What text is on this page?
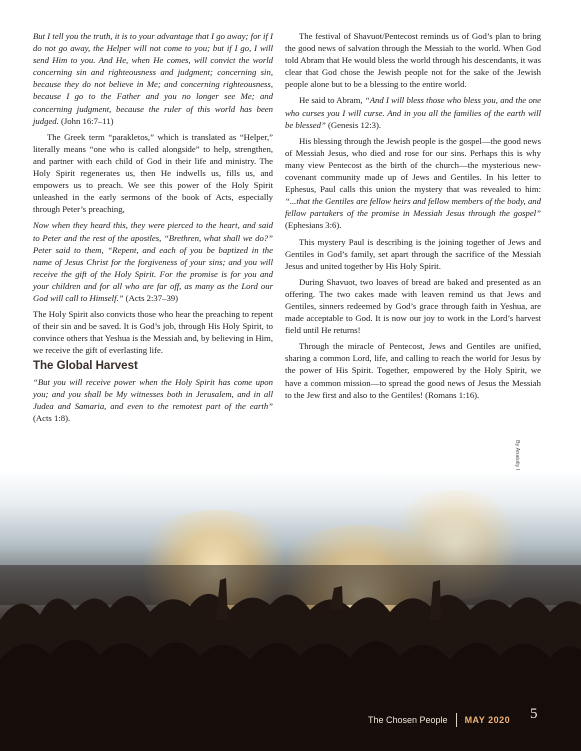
But I tell you the truth, it is to your advantage that I go away; for if I do not go away, the Helper will not come to you; but if I go, I will send Him to you. And He, when He comes, will convict the world concerning sin and righteousness and judgment; concerning sin, because they do not believe in Me; and concerning righteousness, because I go to the Father and you no longer see Me; and concerning judgment, because the ruler of this world has been judged. (John 16:7–11)

The Greek term “parakletos,” which is translated as “Helper,” literally means “one who is called alongside” to help, strengthen, and partner with each child of God in their life and ministry. The Holy Spirit regenerates us, then He indwells us, fills us, and empowers us to preach. We see this power of the Holy Spirit unleashed in the early sermons of the book of Acts, especially through Peter’s preaching,

Now when they heard this, they were pierced to the heart, and said to Peter and the rest of the apostles, “Brethren, what shall we do?” Peter said to them, “Repent, and each of you be baptized in the name of Jesus Christ for the forgiveness of your sins; and you will receive the gift of the Holy Spirit. For the promise is for you and your children and for all who are far off, as many as the Lord our God will call to Himself.” (Acts 2:37–39)

The Holy Spirit also convicts those who hear the preaching to repent of their sin and be saved. It is God’s job, through His Holy Spirit, to convince others that Yeshua is the Messiah and, by believing in Him, we receive the gift of everlasting life.

The Global Harvest

“But you will receive power when the Holy Spirit has come upon you; and you shall be My witnesses both in Jerusalem, and in all Judea and Samaria, and even to the remotest part of the earth” (Acts 1:8).

The festival of Shavuot/Pentecost reminds us of God’s plan to bring the good news of salvation through the Messiah to the world. When God told Abram that He would bless the world through his descendants, it was clear that God chose the Jewish people not for the sake of the Jewish people alone but to be a blessing to the entire world.

He said to Abram, “And I will bless those who bless you, and the one who curses you I will curse. And in you all the families of the earth will be blessed” (Genesis 12:3).

His blessing through the Jewish people is the gospel—the good news of Messiah Jesus, who died and rose for our sins. Perhaps this is why many view Pentecost as the birth of the church—the mysterious new-covenant community made up of Jews and Gentiles. In his letter to Ephesus, Paul calls this union the mystery that was revealed to him: “...that the Gentiles are fellow heirs and fellow members of the body, and fellow partakers of the promise in Messiah Jesus through the gospel” (Ephesians 3:6).

This mystery Paul is describing is the joining together of Jews and Gentiles in God’s family, set apart through the sacrifice of the Messiah Jesus and united together by His Holy Spirit.

During Shavuot, two loaves of bread are baked and presented as an offering. The two cakes made with leaven remind us that Jews and Gentiles, sinners redeemed by God’s grace through faith in Yeshua, are made acceptable to God. It is now our joy to work in the Lord’s harvest field until He returns!

Through the miracle of Pentecost, Jews and Gentiles are unified, sharing a common Lord, life, and calling to reach the world for Jesus by the power of His Spirit. Together, empowered by the Holy Spirit, we have a common mission—to spread the good news of Jesus the Messiah to the Jew first and also to the Gentiles! (Romans 1:16).

The Chosen People MAY 2020 5
